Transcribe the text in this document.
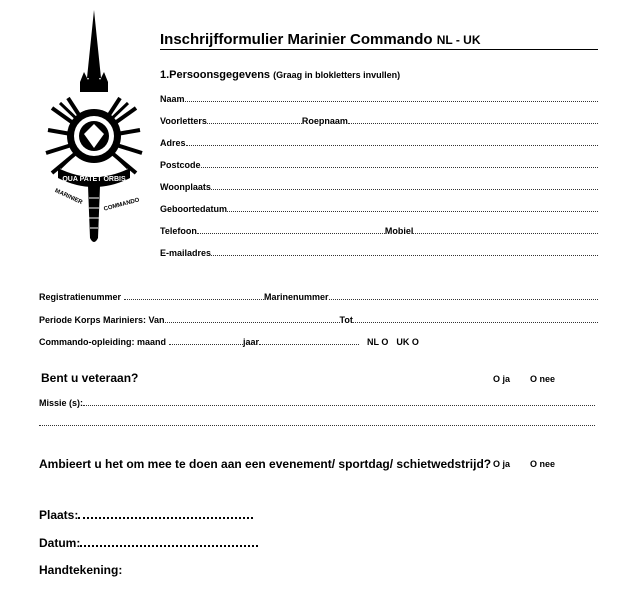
QUA PATET ORBIS
MARINIER	COMMANDO
Inschrijfformulier Marinier Commando NL - UK
1.Persoonsgegevens (Graag in blokletters invullen)
Naam
Voorletters	Roepnaam
Adres
Postcode
Woonplaats
Geboortedatum
Telefoon	Mobiel
E-mailadres
Registratienummer	Marinenummer
Periode Korps Mariniers: Van	Tot
Commando-opleiding: maand	jaar	NL O UK O
Bent u veteraan?	O ja O nee
Missie (s):
Ambieert u het om mee te doen aan een evenement/ sportdag/ schietwedstrijd? O ja O nee
Plaats:
Datum:
Handtekening:
